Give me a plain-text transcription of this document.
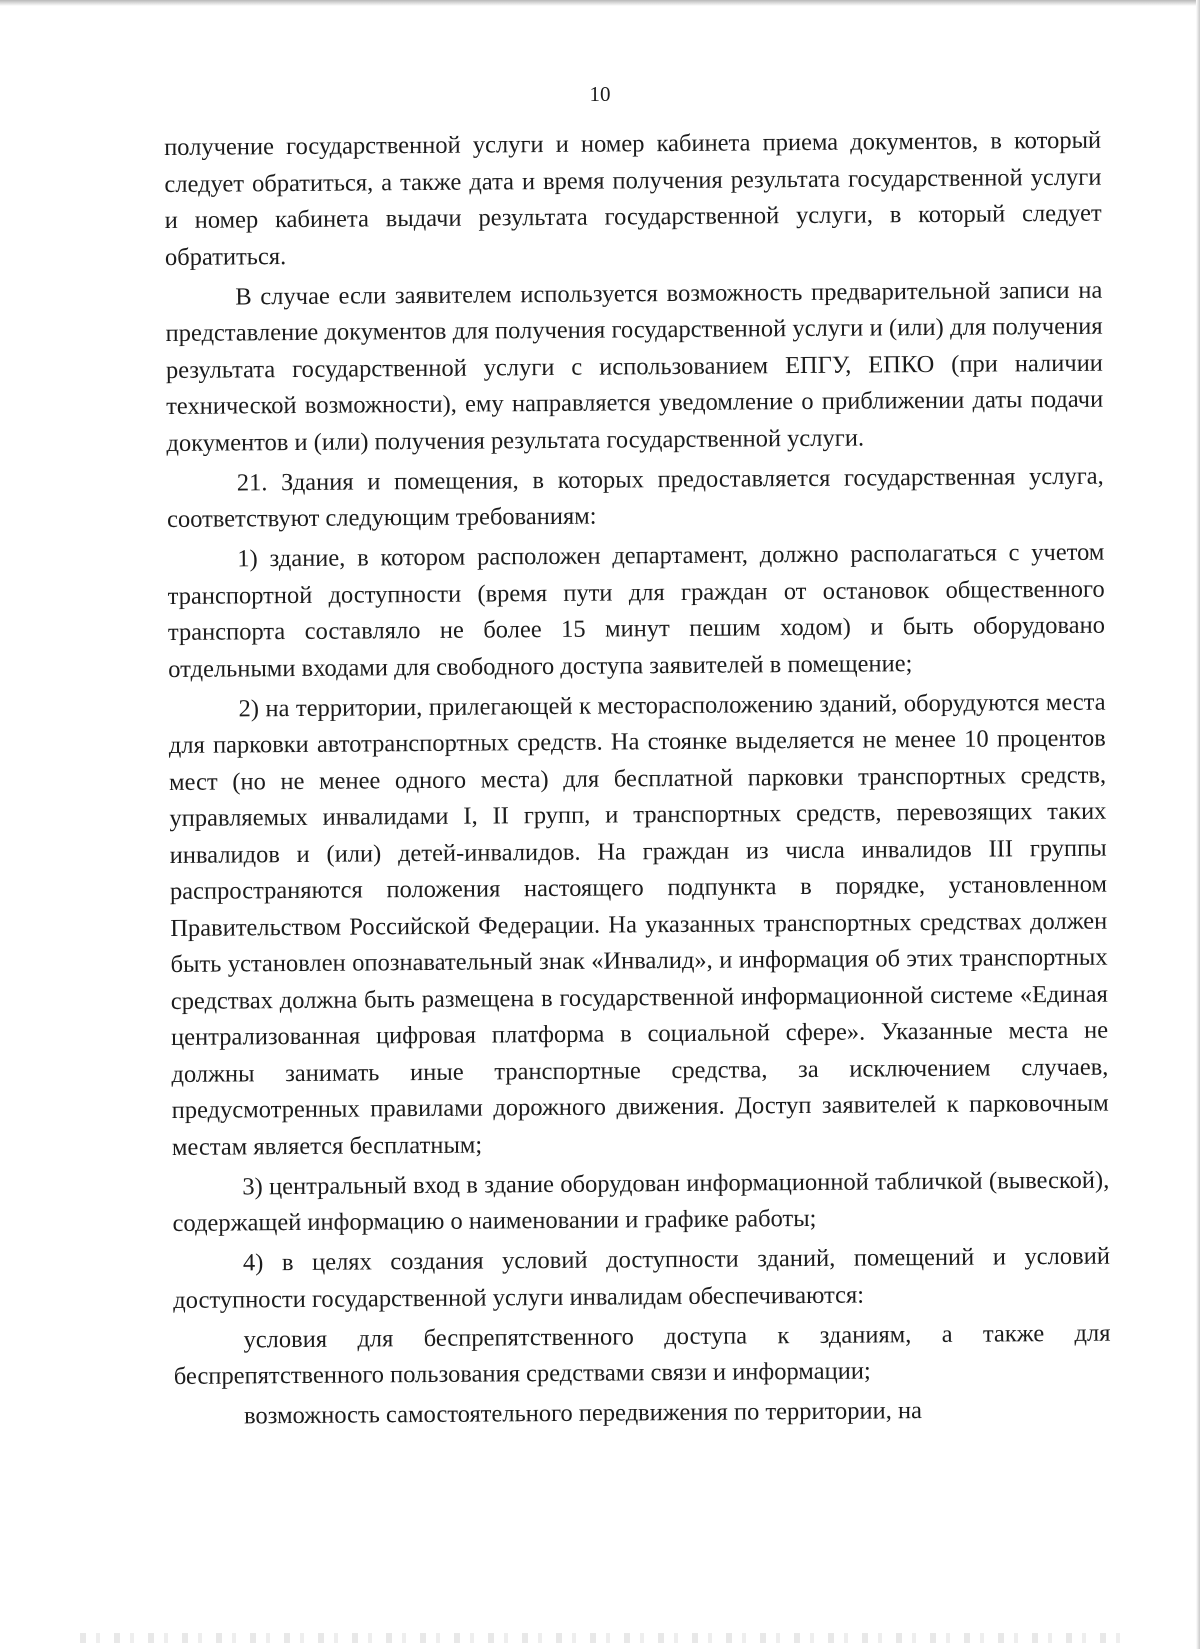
10

получение государственной услуги и номер кабинета приема документов, в который следует обратиться, а также дата и время получения результата государственной услуги и номер кабинета выдачи результата государственной услуги, в который следует обратиться.

В случае если заявителем используется возможность предварительной записи на представление документов для получения государственной услуги и (или) для получения результата государственной услуги с использованием ЕПГУ, ЕПКО (при наличии технической возможности), ему направляется уведомление о приближении даты подачи документов и (или) получения результата государственной услуги.

21. Здания и помещения, в которых предоставляется государственная услуга, соответствуют следующим требованиям:

1) здание, в котором расположен департамент, должно располагаться с учетом транспортной доступности (время пути для граждан от остановок общественного транспорта составляло не более 15 минут пешим ходом) и быть оборудовано отдельными входами для свободного доступа заявителей в помещение;

2) на территории, прилегающей к месторасположению зданий, оборудуются места для парковки автотранспортных средств. На стоянке выделяется не менее 10 процентов мест (но не менее одного места) для бесплатной парковки транспортных средств, управляемых инвалидами I, II групп, и транспортных средств, перевозящих таких инвалидов и (или) детей-инвалидов. На граждан из числа инвалидов III группы распространяются положения настоящего подпункта в порядке, установленном Правительством Российской Федерации. На указанных транспортных средствах должен быть установлен опознавательный знак «Инвалид», и информация об этих транспортных средствах должна быть размещена в государственной информационной системе «Единая централизованная цифровая платформа в социальной сфере». Указанные места не должны занимать иные транспортные средства, за исключением случаев, предусмотренных правилами дорожного движения. Доступ заявителей к парковочным местам является бесплатным;

3) центральный вход в здание оборудован информационной табличкой (вывеской), содержащей информацию о наименовании и графике работы;

4) в целях создания условий доступности зданий, помещений и условий доступности государственной услуги инвалидам обеспечиваются:

условия для беспрепятственного доступа к зданиям, а также для беспрепятственного пользования средствами связи и информации;

возможность самостоятельного передвижения по территории, на
